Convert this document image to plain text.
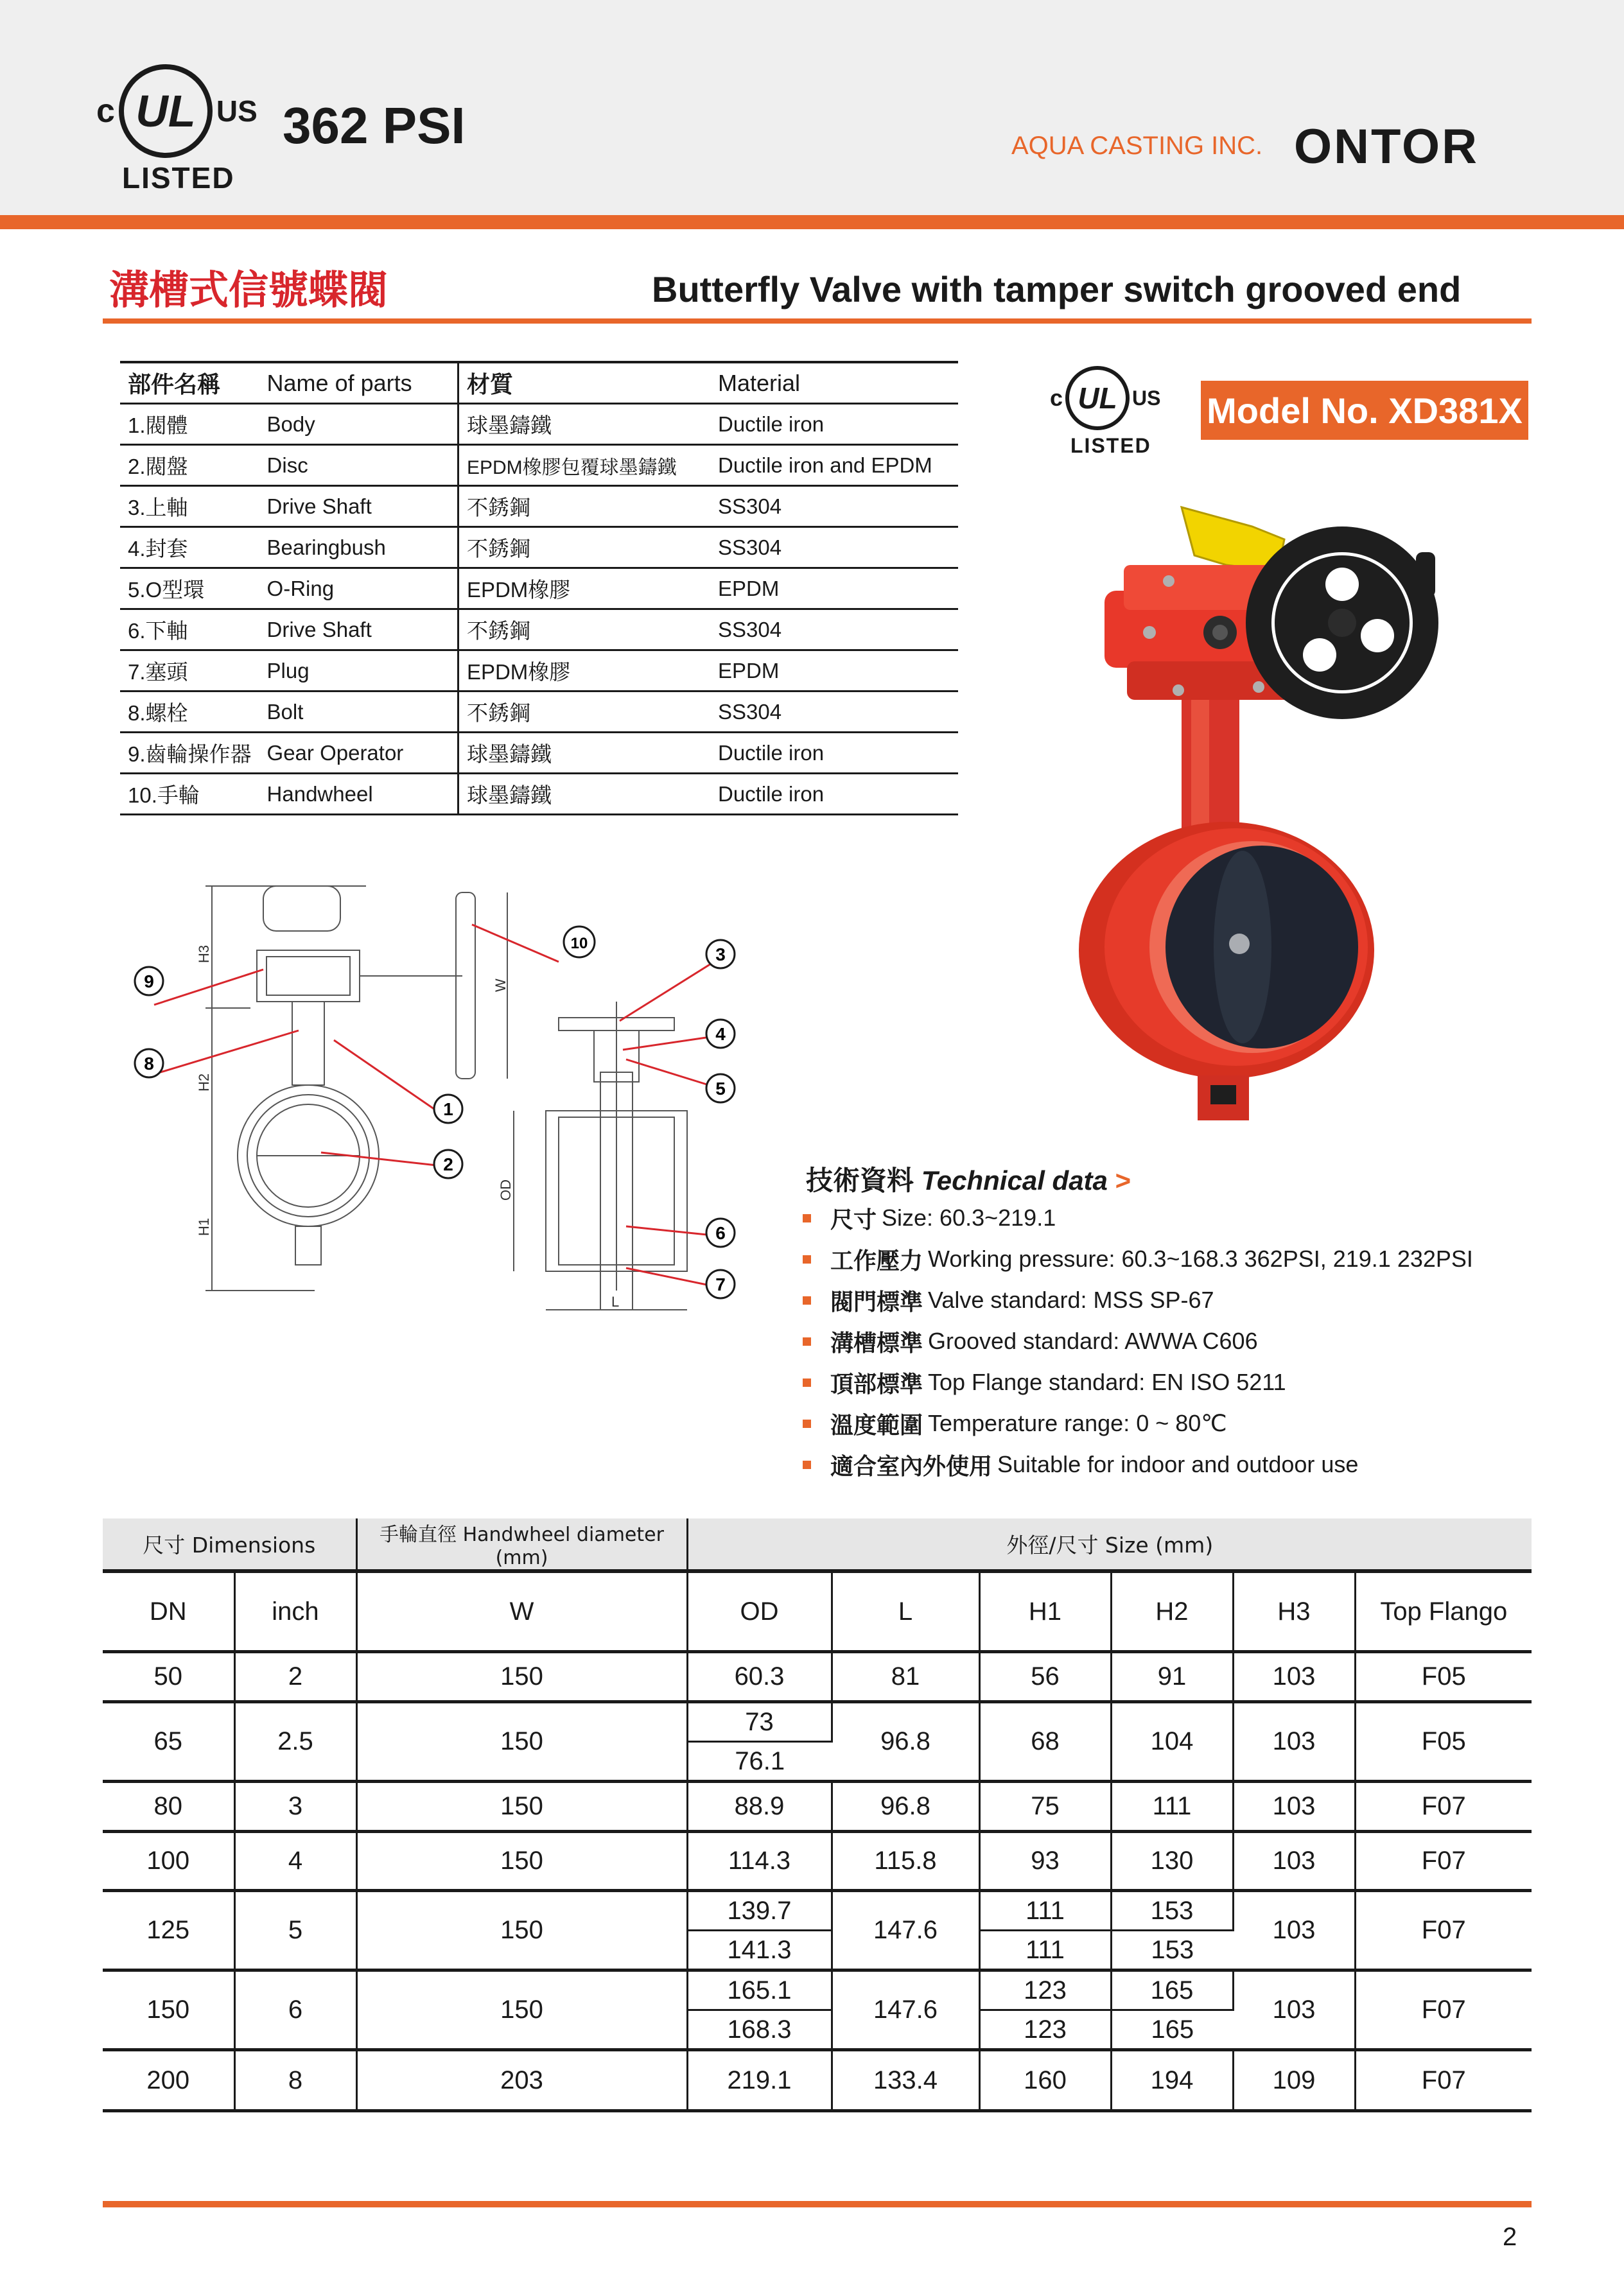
c UL US
LISTED
362 PSI	AQUA CASTING INC. ONTOR
溝槽式信號蝶閥	Butterfly Valve with tamper switch grooved end
部件名稱	Name of parts	材質	Material
1.閥體	Body	球墨鑄鐵	Ductile iron
2.閥盤	Disc	EPDM橡膠包覆球墨鑄鐵	Ductile iron and EPDM
3.上軸	Drive Shaft	不銹鋼	SS304
4.封套	Bearingbush	不銹鋼	SS304
5.O型環	O-Ring	EPDM橡膠	EPDM
6.下軸	Drive Shaft	不銹鋼	SS304
7.塞頭	Plug	EPDM橡膠	EPDM
8.螺栓	Bolt	不銹鋼	SS304
9.齒輪操作器	Gear Operator	球墨鑄鐵	Ductile iron
10.手輪	Handwheel	球墨鑄鐵	Ductile iron
c UL US
LISTED
Model No. XD381X
H3
H2
H1
W
OD
L
1
2
3
4
5
6
7
8
9
10
技術資料 Technical data >
尺寸 Size: 60.3~219.1
工作壓力 Working pressure: 60.3~168.3 362PSI, 219.1 232PSI
閥門標準 Valve standard: MSS SP-67
溝槽標準 Grooved standard: AWWA C606
頂部標準 Top Flange standard: EN ISO 5211
溫度範圍 Temperature range: 0 ~ 80℃
適合室內外使用 Suitable for indoor and outdoor use
尺寸 Dimensions		手輪直徑 Handwheel diameter (mm)	外徑/尺寸 Size (mm)					
DN	inch	W	OD	L	H1	H2	H3	Top Flango
50	2	150	60.3	81	56	91	103	F05
65	2.5	150	73	96.8	68	104	103	F05
			76.1					
80	3	150	88.9	96.8	75	111	103	F07
100	4	150	114.3	115.8	93	130	103	F07
125	5	150	139.7	147.6	111	153	103	F07
			141.3		111	153		
150	6	150	165.1	147.6	123	165	103	F07
			168.3		123	165		
200	8	203	219.1	133.4	160	194	109	F07
2
